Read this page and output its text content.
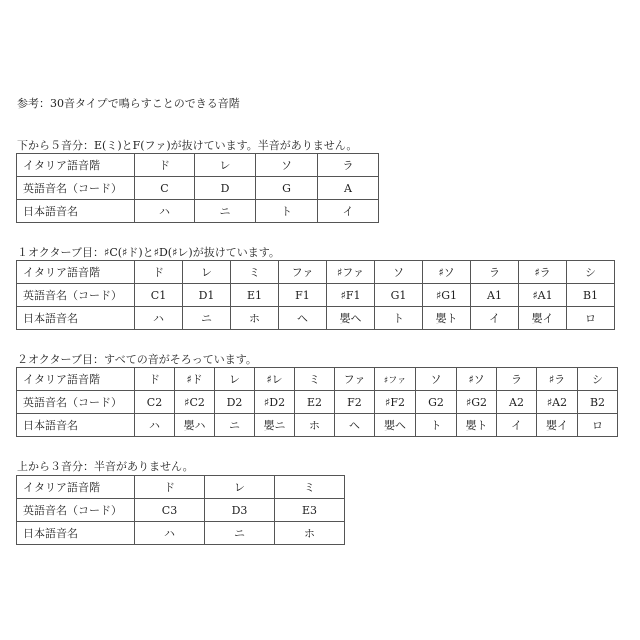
参考：30音タイプで鳴らすことのできる音階
下から５音分：E(ミ)とF(ファ)が抜けています。半音がありません。
イタリア語音階	ド	レ	ソ	ラ	
英語音名（コード）	C	D	G	A	
日本語音名	ハ	ニ	ト	イ	
１オクターブ目：♯C(♯ド)と♯D(♯レ)が抜けています。
イタリア語音階	ド	レ	ミ	ファ	♯ファ	ソ	♯ソ	ラ	♯ラ	シ
英語音名（コード）	C1	D1	E1	F1	♯F1	G1	♯G1	A1	♯A1	B1
日本語音名	ハ	ニ	ホ	ヘ	嬰ヘ	ト	嬰ト	イ	嬰イ	ロ
２オクターブ目：すべての音がそろっています。
イタリア語音階	ド	♯ド	レ	♯レ	ミ	ファ	♯ファ	ソ	♯ソ	ラ	♯ラ	シ
英語音名（コード）	C2	♯C2	D2	♯D2	E2	F2	♯F2	G2	♯G2	A2	♯A2	B2
日本語音名	ハ	嬰ハ	ニ	嬰ニ	ホ	ヘ	嬰ヘ	ト	嬰ト	イ	嬰イ	ロ
上から３音分：半音がありません。
イタリア語音階	ド	レ	ミ
英語音名（コード）	C3	D3	E3
日本語音名	ハ	ニ	ホ
